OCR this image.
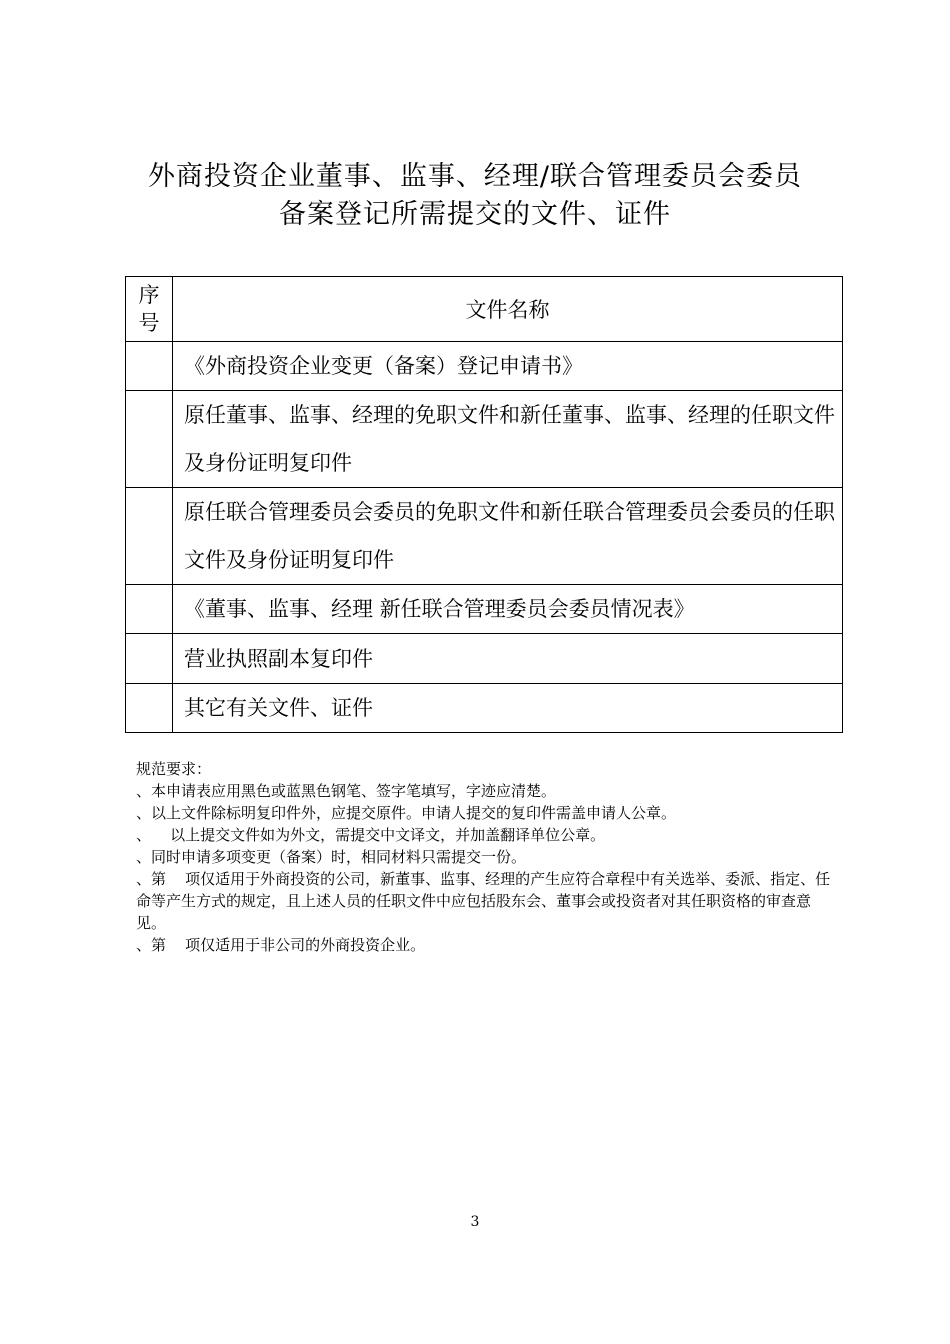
外商投资企业董事、监事、经理/联合管理委员会委员
备案登记所需提交的文件、证件
序
号	文件名称
	《外商投资企业变更（备案）登记申请书》
	原任董事、监事、经理的免职文件和新任董事、监事、经理的任职文件及身份证明复印件
	原任联合管理委员会委员的免职文件和新任联合管理委员会委员的任职文件及身份证明复印件
	《董事、监事、经理 新任联合管理委员会委员情况表》
	营业执照副本复印件
	其它有关文件、证件
规范要求：
、本申请表应用黑色或蓝黑色钢笔、签字笔填写，字迹应清楚。
、以上文件除标明复印件外，应提交原件。申请人提交的复印件需盖申请人公章。
、    以上提交文件如为外文，需提交中文译文，并加盖翻译单位公章。
、同时申请多项变更（备案）时，相同材料只需提交一份。
、第    项仅适用于外商投资的公司，新董事、监事、经理的产生应符合章程中有关选举、委派、指定、任命等产生方式的规定，且上述人员的任职文件中应包括股东会、董事会或投资者对其任职资格的审查意见。
、第    项仅适用于非公司的外商投资企业。
3
